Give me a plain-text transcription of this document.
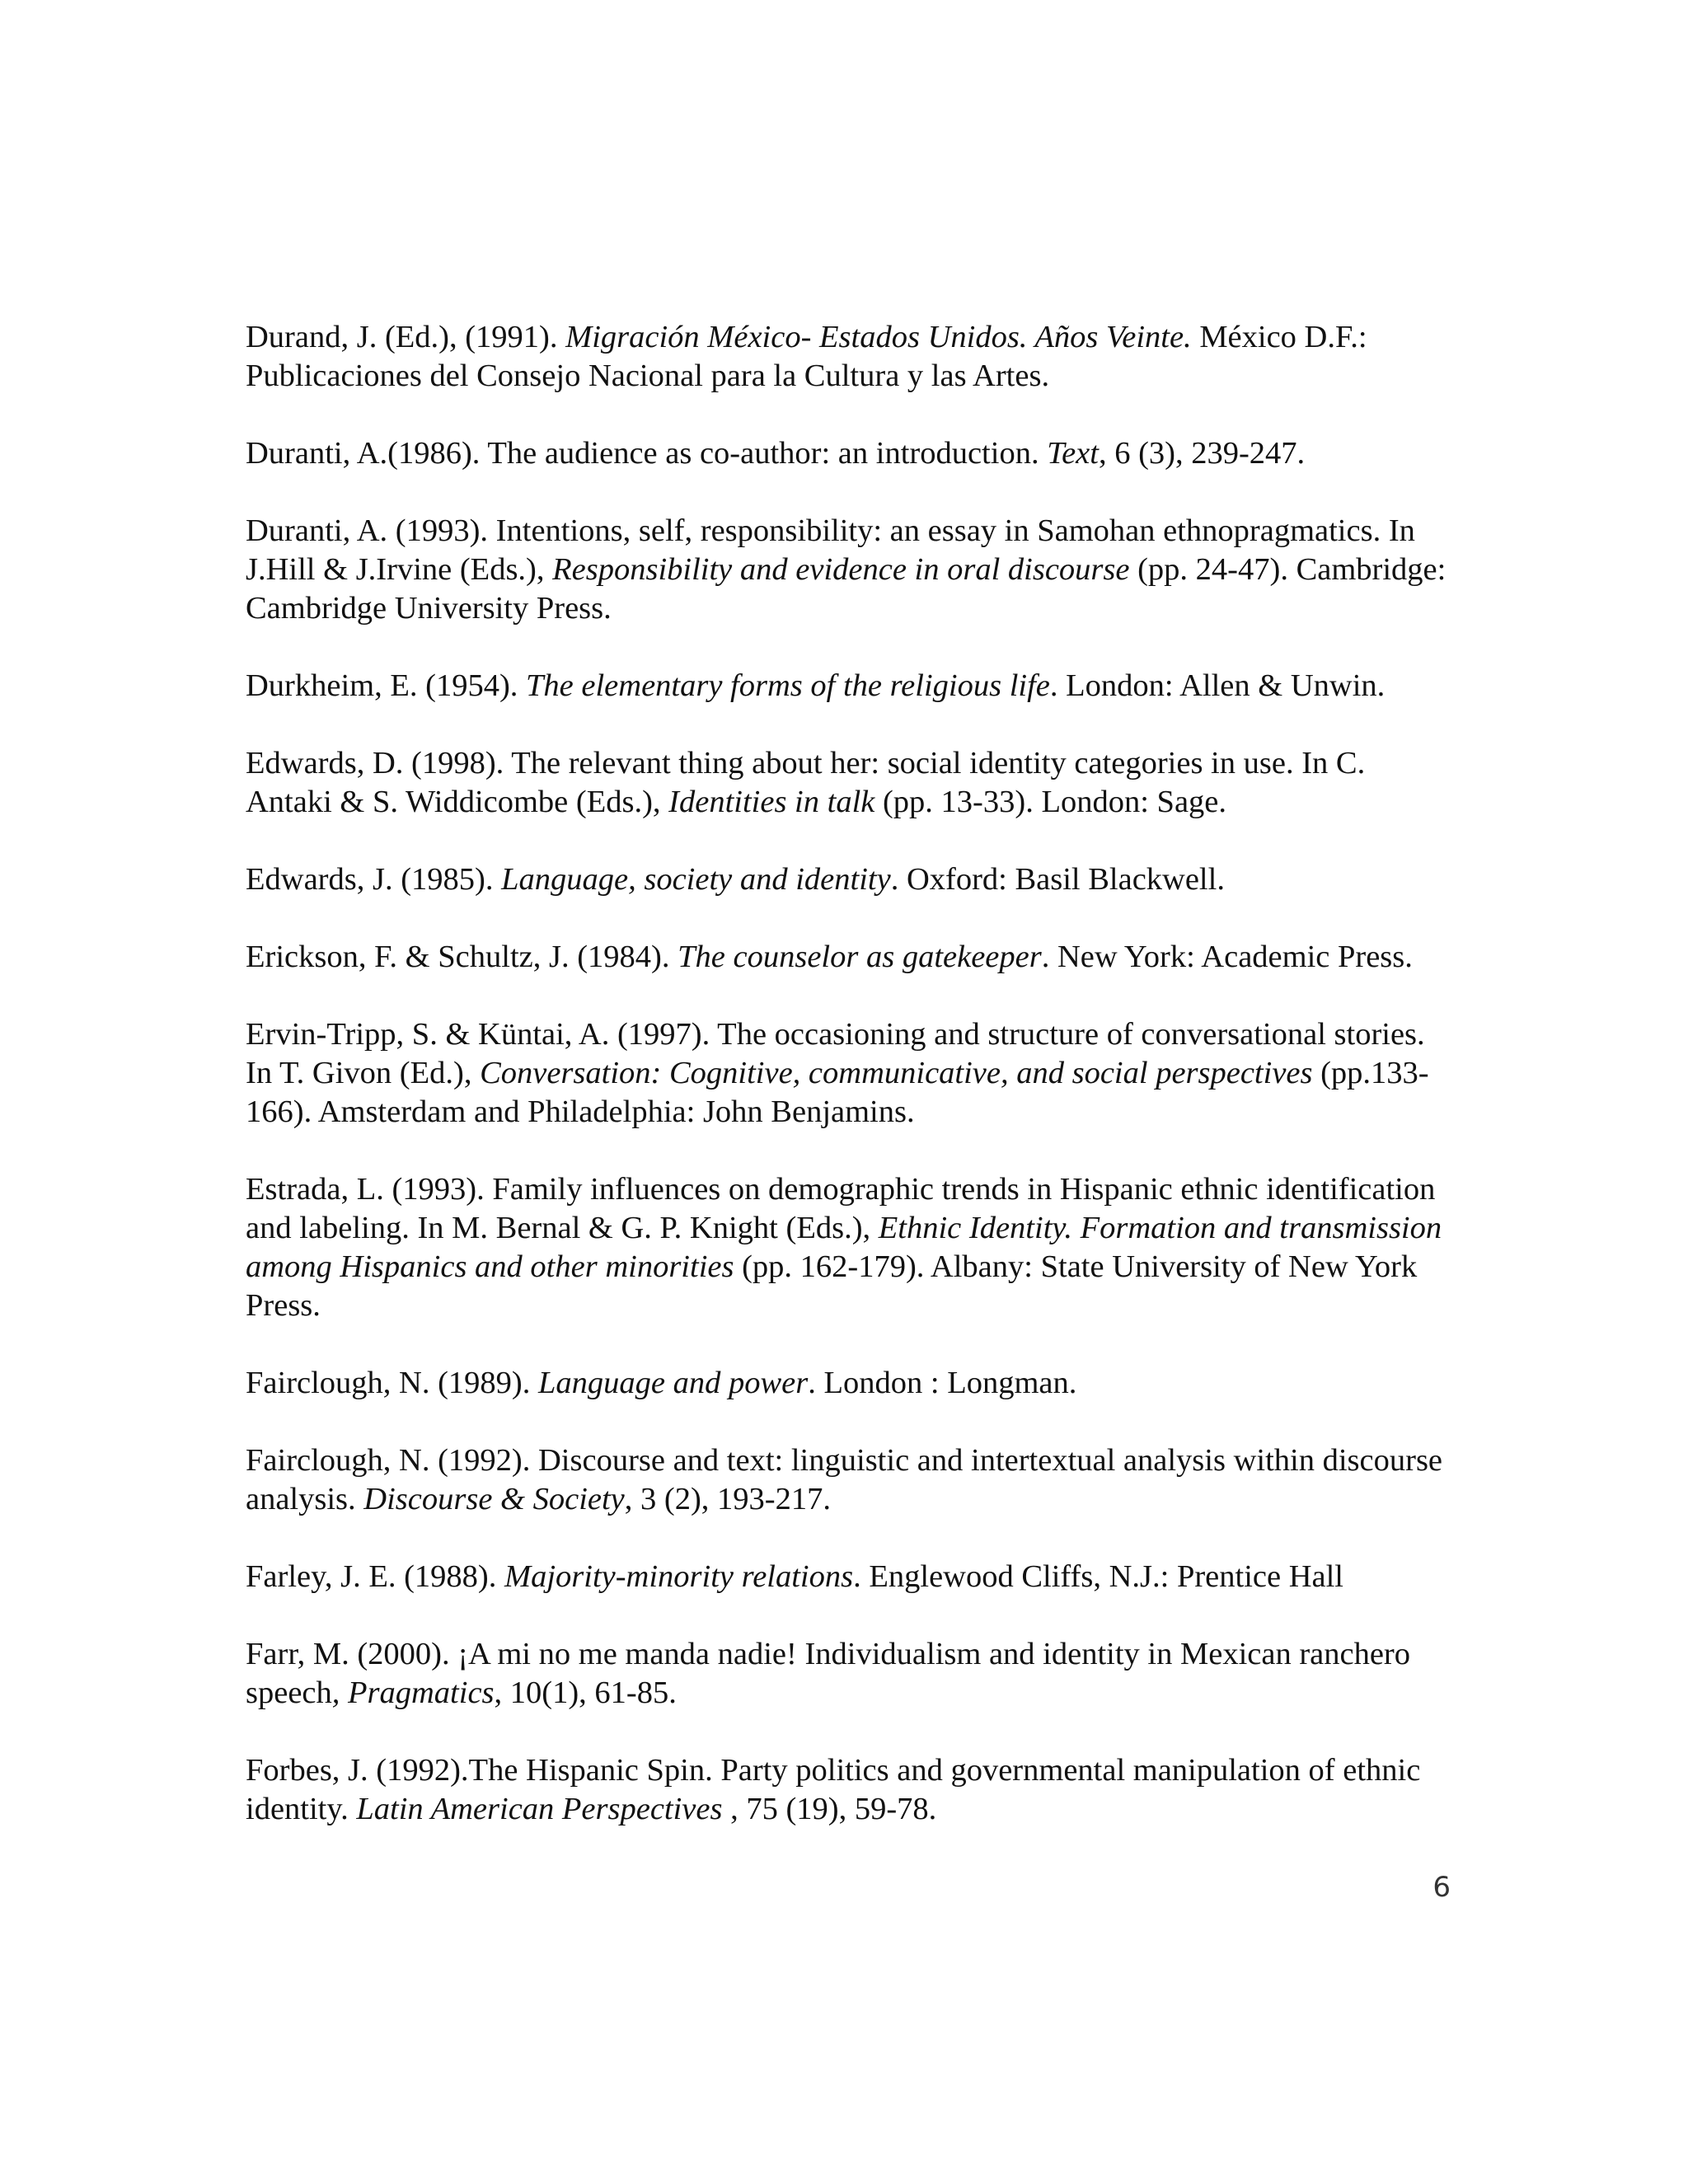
Durand, J. (Ed.), (1991). Migración México- Estados Unidos. Años Veinte. México D.F.: Publicaciones del Consejo Nacional para la Cultura y las Artes.

Duranti, A.(1986). The audience as co-author: an introduction. Text, 6 (3), 239-247.

Duranti, A. (1993). Intentions, self, responsibility: an essay in Samohan ethnopragmatics. In J.Hill & J.Irvine (Eds.), Responsibility and evidence in oral discourse (pp. 24-47). Cambridge: Cambridge University Press.

Durkheim, E. (1954). The elementary forms of the religious life. London: Allen & Unwin.

Edwards, D. (1998). The relevant thing about her: social identity categories in use. In C. Antaki & S. Widdicombe (Eds.), Identities in talk (pp. 13-33). London: Sage.

Edwards, J. (1985). Language, society and identity. Oxford: Basil Blackwell.

Erickson, F. & Schultz, J. (1984). The counselor as gatekeeper. New York: Academic Press.

Ervin-Tripp, S. & Küntai, A. (1997). The occasioning and structure of conversational stories. In T. Givon (Ed.), Conversation: Cognitive, communicative, and social perspectives (pp.133-166). Amsterdam and Philadelphia: John Benjamins.

Estrada, L. (1993). Family influences on demographic trends in Hispanic ethnic identification and labeling. In M. Bernal & G. P. Knight (Eds.), Ethnic Identity. Formation and transmission among Hispanics and other minorities (pp. 162-179). Albany: State University of New York Press.

Fairclough, N. (1989). Language and power. London : Longman.

Fairclough, N. (1992). Discourse and text: linguistic and intertextual analysis within discourse analysis. Discourse & Society, 3 (2), 193-217.

Farley, J. E. (1988). Majority-minority relations. Englewood Cliffs, N.J.: Prentice Hall

Farr, M. (2000). ¡A mi no me manda nadie! Individualism and identity in Mexican ranchero speech, Pragmatics, 10(1), 61-85.

Forbes, J. (1992).The Hispanic Spin. Party politics and governmental manipulation of ethnic identity. Latin American Perspectives , 75 (19), 59-78.

6
